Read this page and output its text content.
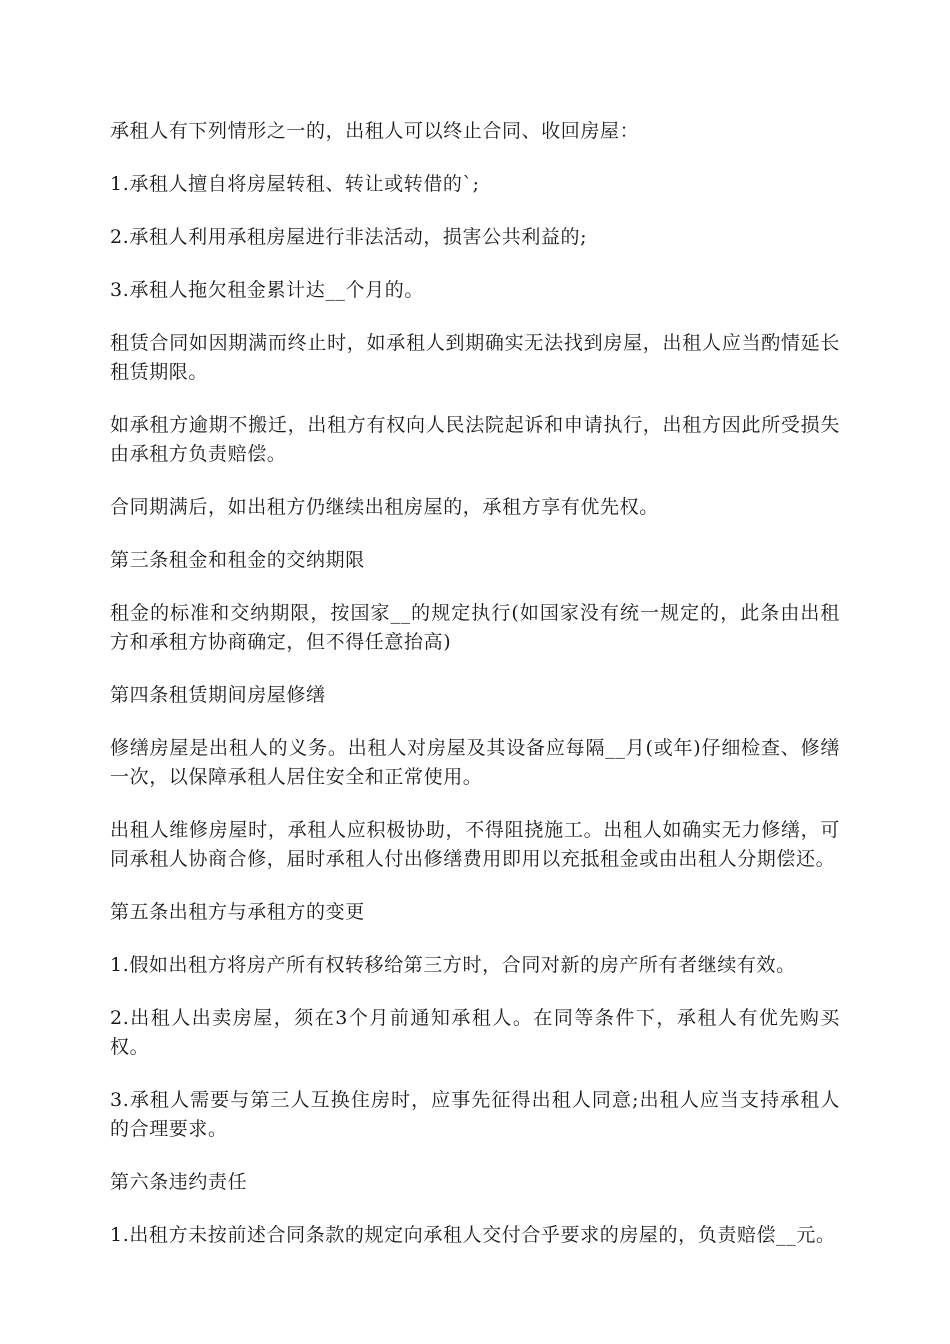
承租人有下列情形之一的，出租人可以终止合同、收回房屋：

1.承租人擅自将房屋转租、转让或转借的`;

2.承租人利用承租房屋进行非法活动，损害公共利益的;

3.承租人拖欠租金累计达__个月的。

租赁合同如因期满而终止时，如承租人到期确实无法找到房屋，出租人应当酌情延长租赁期限。

如承租方逾期不搬迁，出租方有权向人民法院起诉和申请执行，出租方因此所受损失由承租方负责赔偿。

合同期满后，如出租方仍继续出租房屋的，承租方享有优先权。

第三条租金和租金的交纳期限

租金的标准和交纳期限，按国家__的规定执行(如国家没有统一规定的，此条由出租方和承租方协商确定，但不得任意抬高)

第四条租赁期间房屋修缮

修缮房屋是出租人的义务。出租人对房屋及其设备应每隔__月(或年)仔细检查、修缮一次，以保障承租人居住安全和正常使用。

出租人维修房屋时，承租人应积极协助，不得阻挠施工。出租人如确实无力修缮，可同承租人协商合修，届时承租人付出修缮费用即用以充抵租金或由出租人分期偿还。

第五条出租方与承租方的变更

1.假如出租方将房产所有权转移给第三方时，合同对新的房产所有者继续有效。

2.出租人出卖房屋，须在3个月前通知承租人。在同等条件下，承租人有优先购买权。

3.承租人需要与第三人互换住房时，应事先征得出租人同意;出租人应当支持承租人的合理要求。

第六条违约责任

1.出租方未按前述合同条款的规定向承租人交付合乎要求的房屋的，负责赔偿__元。
